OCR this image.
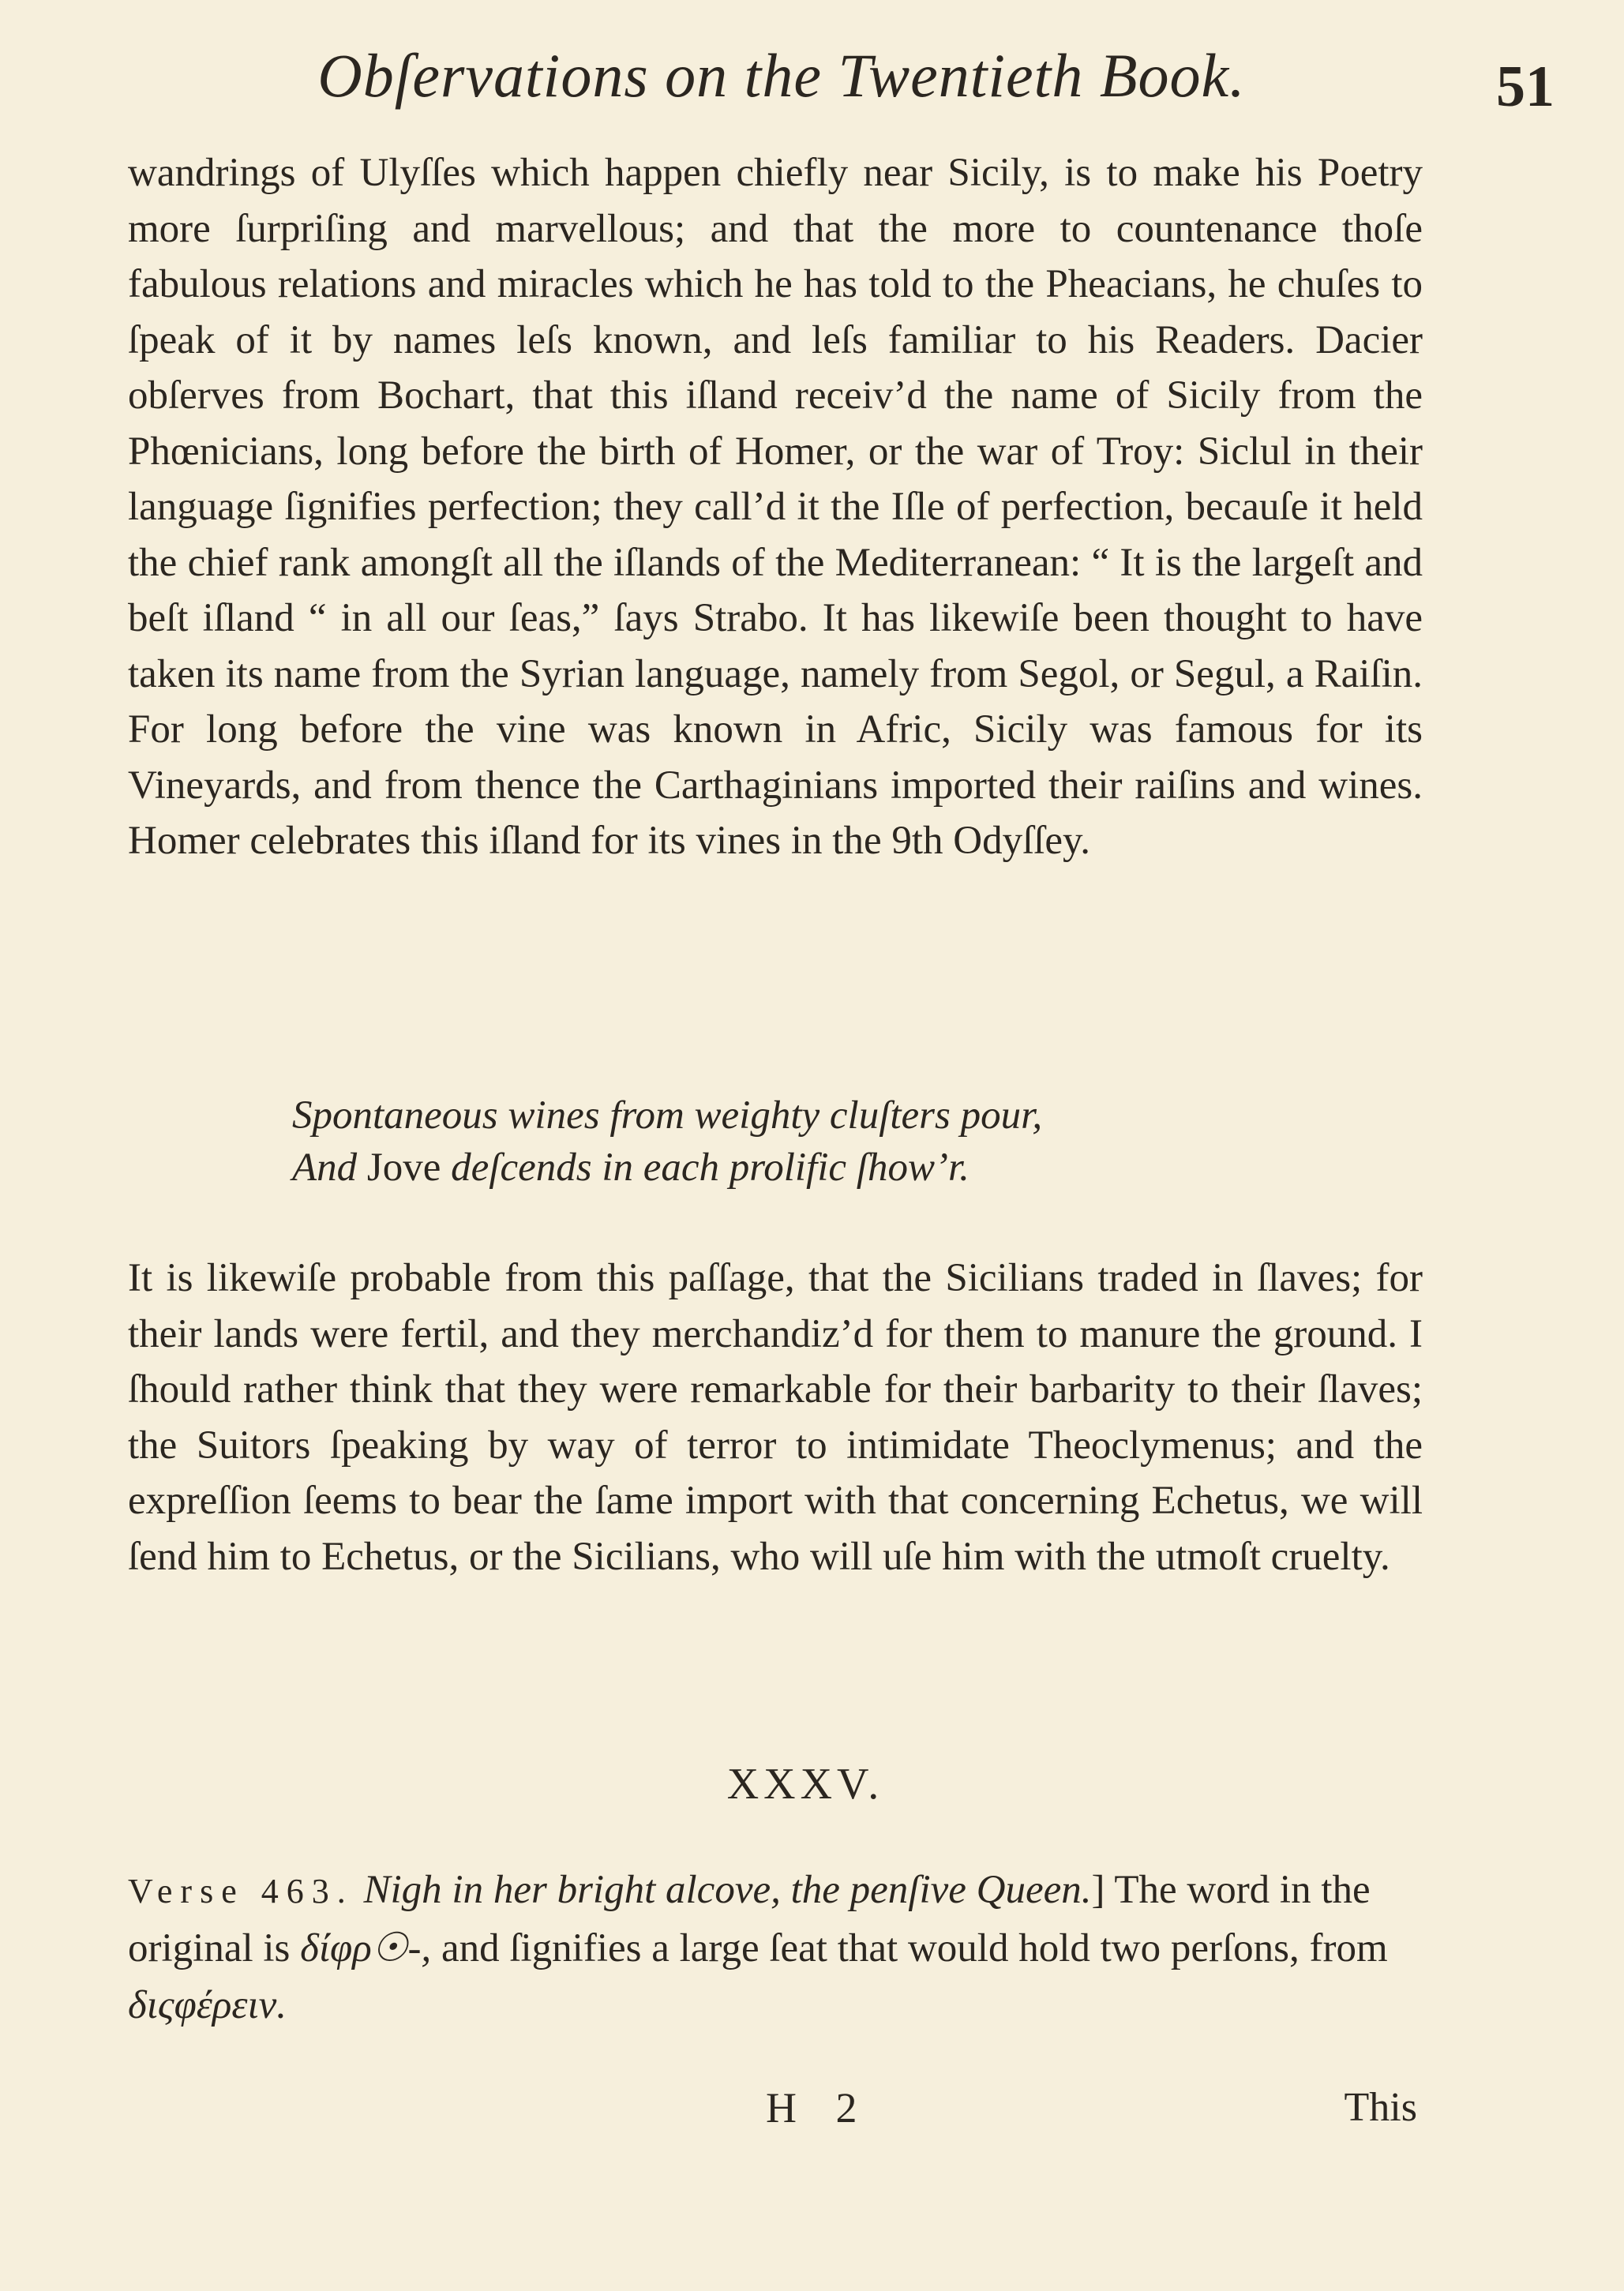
Obſervations on the Twentieth Book.	51

wandrings of Ulyſſes which happen chiefly near Sicily, is to make his Poetry more ſurpriſing and marvellous; and that the more to countenance thoſe fabulous relations and miracles which he has told to the Pheacians, he chuſes to ſpeak of it by names leſs known, and leſs familiar to his Readers. Dacier obſerves from Bochart, that this iſland receiv’d the name of Sicily from the Phœnicians, long before the birth of Homer, or the war of Troy: Siclul in their language ſignifies perfection; they call’d it the Iſle of perfection, becauſe it held the chief rank amongſt all the iſlands of the Mediterranean: “ It is the largeſt and beſt iſland “ in all our ſeas,” ſays Strabo. It has likewiſe been thought to have taken its name from the Syrian language, namely from Segol, or Segul, a Raiſin. For long before the vine was known in Afric, Sicily was famous for its Vineyards, and from thence the Carthaginians imported their raiſins and wines. Homer celebrates this iſland for its vines in the 9th Odyſſey.

Spontaneous wines from weighty cluſters pour,
And Jove deſcends in each prolific ſhow’r.

It is likewiſe probable from this paſſage, that the Sicilians traded in ſlaves; for their lands were fertil, and they merchandiz’d for them to manure the ground. I ſhould rather think that they were remarkable for their barbarity to their ſlaves; the Suitors ſpeaking by way of terror to intimidate Theoclymenus; and the expreſſion ſeems to bear the ſame import with that concerning Echetus, we will ſend him to Echetus, or the Sicilians, who will uſe him with the utmoſt cruelty.

XXXV.
Verse 463. Nigh in her bright alcove, the penſive Queen.] The word in the original is δίφρ☉-, and ſignifies a large ſeat that would hold two perſons, from διςφέρειν.
H 2	This
